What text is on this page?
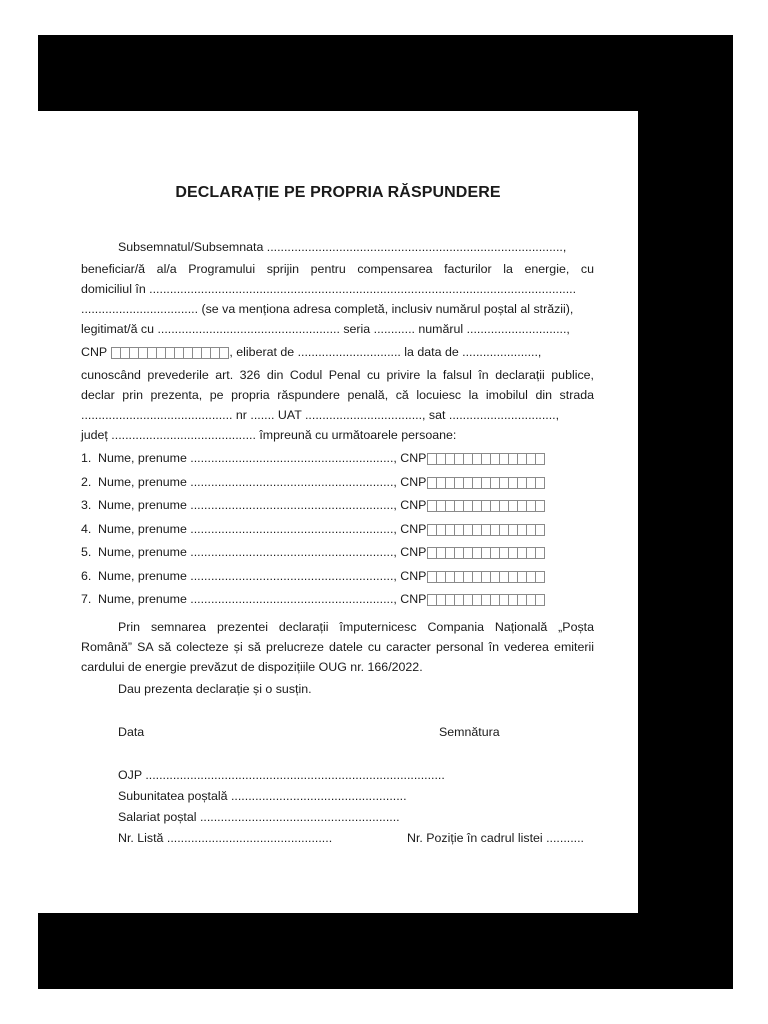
DECLARAȚIE PE PROPRIA RĂSPUNDERE
Subsemnatul/Subsemnata ......................................................................................,
beneficiar/ă al/a Programului sprijin pentru compensarea facturilor la energie, cu
domiciliul în ............................................................................................................................
.................................. (se va menționa adresa completă, inclusiv numărul poștal al străzii),
legitimat/ă cu ..................................................... seria ............ numărul .............................,
CNP	, eliberat de .............................. la data de ......................,
cunoscând prevederile art. 326 din Codul Penal cu privire la falsul în declarații publice,
declar prin prezenta, pe propria răspundere penală, că locuiesc la imobilul din strada
............................................ nr ....... UAT .................................., sat ...............................,
județ .......................................... împreună cu următoarele persoane:
1. Nume, prenume ..........................................................., CNP
2. Nume, prenume ..........................................................., CNP
3. Nume, prenume ..........................................................., CNP
4. Nume, prenume ..........................................................., CNP
5. Nume, prenume ..........................................................., CNP
6. Nume, prenume ..........................................................., CNP
7. Nume, prenume ..........................................................., CNP
Prin semnarea prezentei declarații împuternicesc Compania Națională „Poșta
Română” SA să colecteze și să prelucreze datele cu caracter personal în vederea emiterii
cardului de energie prevăzut de dispozițiile OUG nr. 166/2022.
Dau prezenta declarație și o susțin.
Data	Semnătura
OJP .......................................................................................
Subunitatea poștală ...................................................
Salariat poștal ..........................................................
Nr. Listă ................................................	Nr. Poziție în cadrul listei ...........
